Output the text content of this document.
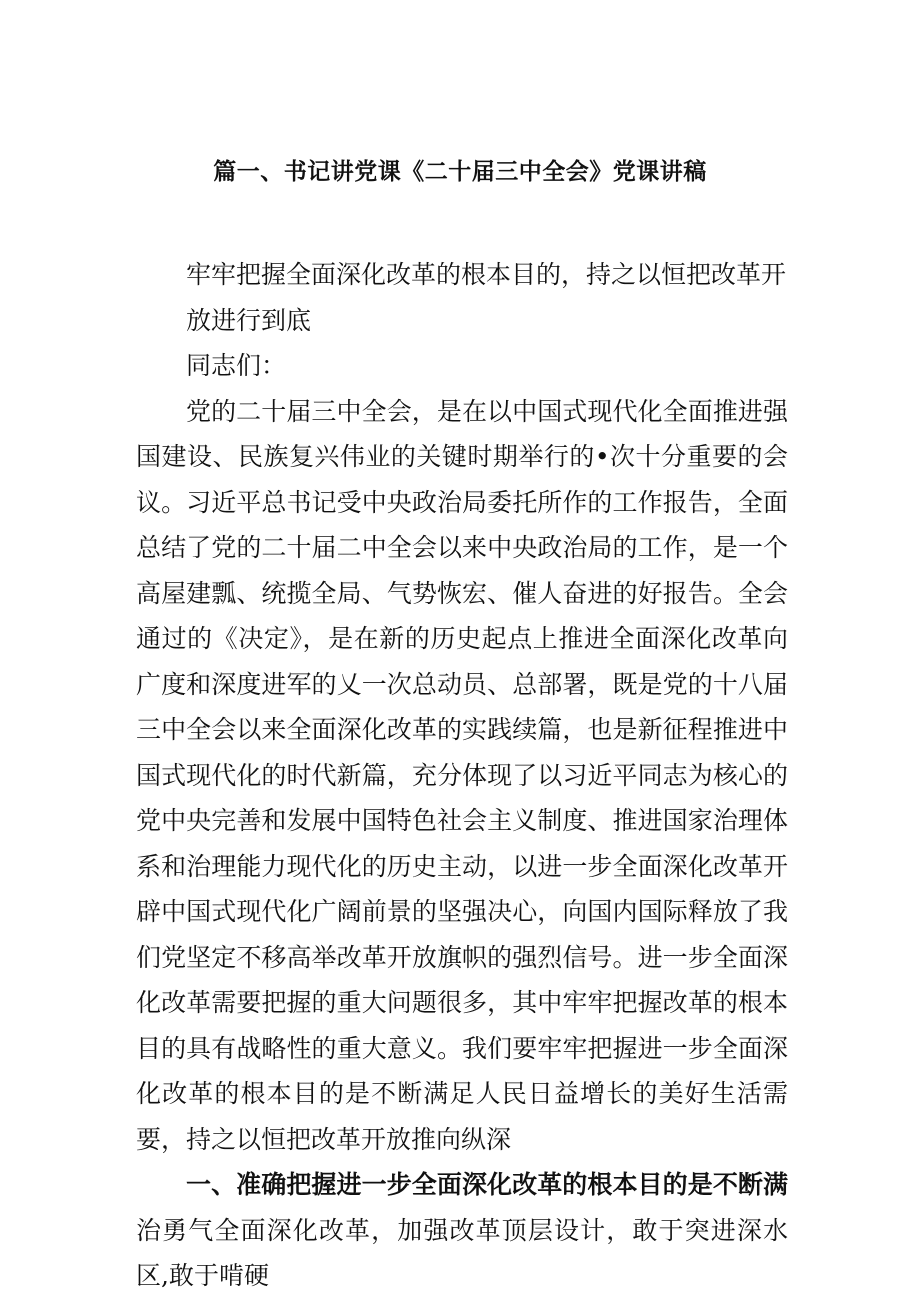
篇一、书记讲党课《二十届三中全会》党课讲稿

牢牢把握全面深化改革的根本目的，持之以恒把改革开放进行到底

同志们：

党的二十届三中全会，是在以中国式现代化全面推进强国建设、民族复兴伟业的关键时期举行的•次十分重要的会议。习近平总书记受中央政治局委托所作的工作报告，全面总结了党的二十届二中全会以来中央政治局的工作，是一个高屋建瓢、统揽全局、气势恢宏、催人奋进的好报告。全会通过的《决定》，是在新的历史起点上推进全面深化改革向广度和深度进军的乂一次总动员、总部署，既是党的十八届三中全会以来全面深化改革的实践续篇，也是新征程推进中国式现代化的时代新篇，充分体现了以习近平同志为核心的党中央完善和发展中国特色社会主义制度、推进国家治理体系和治理能力现代化的历史主动，以进一步全面深化改革开辟中国式现代化广阔前景的坚强决心，向国内国际释放了我们党坚定不移高举改革开放旗帜的强烈信号。进一步全面深化改革需要把握的重大问题很多，其中牢牢把握改革的根本目的具有战略性的重大意义。我们要牢牢把握进一步全面深化改革的根本目的是不断满足人民日益增长的美好生活需要，持之以恒把改革开放推向纵深

一、准确把握进一步全面深化改革的根本目的是不断满治勇气全面深化改革，加强改革顶层设计，敢于突进深水区,敢于啃硬
